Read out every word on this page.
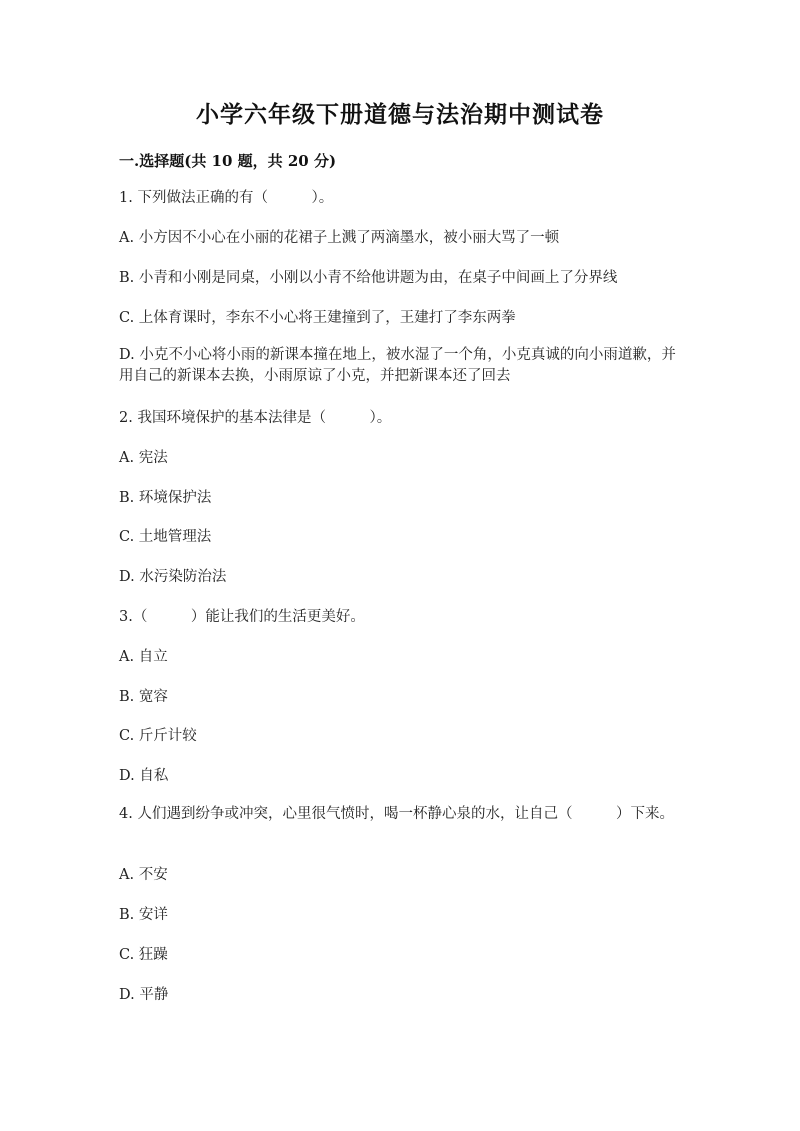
小学六年级下册道德与法治期中测试卷
一.选择题(共 10 题，共 20 分)
1. 下列做法正确的有（　　　）。
A. 小方因不小心在小丽的花裙子上溅了两滴墨水，被小丽大骂了一顿
B. 小青和小刚是同桌，小刚以小青不给他讲题为由，在桌子中间画上了分界线
C. 上体育课时，李东不小心将王建撞到了，王建打了李东两拳
D. 小克不小心将小雨的新课本撞在地上，被水湿了一个角，小克真诚的向小雨道歉，并用自己的新课本去换，小雨原谅了小克，并把新课本还了回去
2. 我国环境保护的基本法律是（　　　）。
A. 宪法
B. 环境保护法
C. 土地管理法
D. 水污染防治法
3.（　　　）能让我们的生活更美好。
A. 自立
B. 宽容
C. 斤斤计较
D. 自私
4. 人们遇到纷争或冲突，心里很气愤时，喝一杯静心泉的水，让自己（　　　）下来。
A. 不安
B. 安详
C. 狂躁
D. 平静
